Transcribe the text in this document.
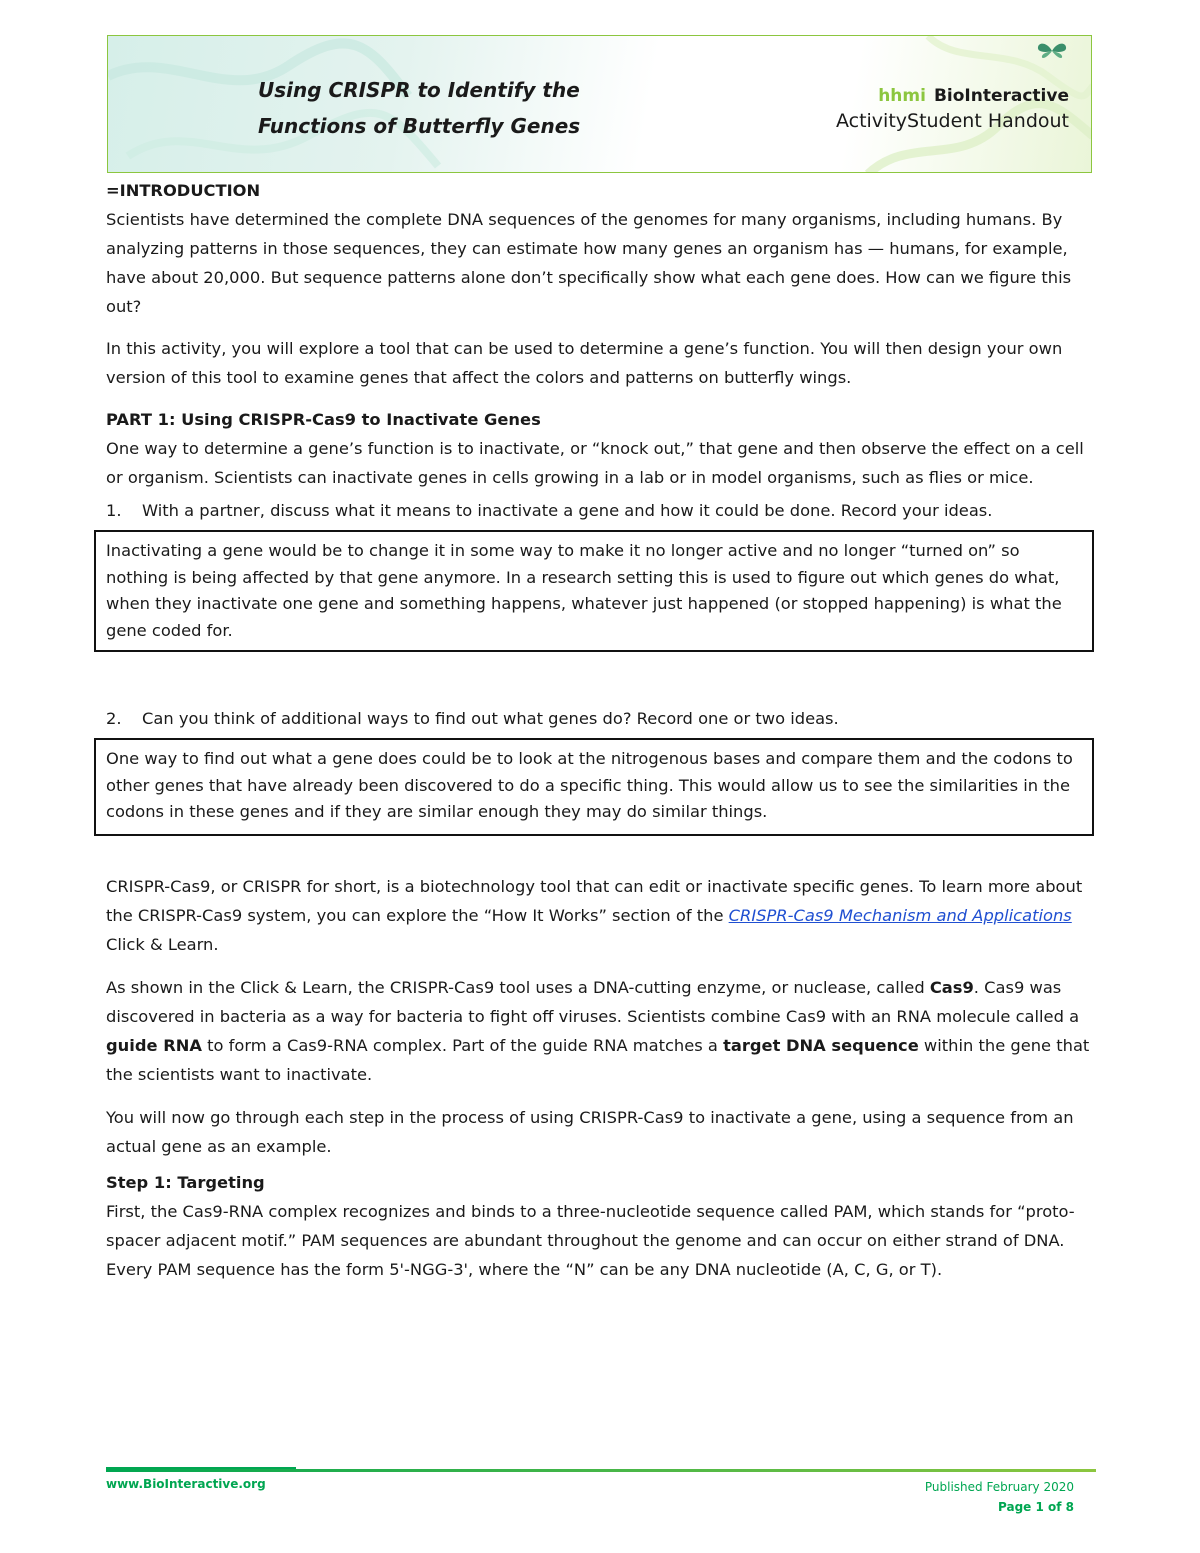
Using CRISPR to Identify the
Functions of Butterfly Genes
hhmi BioInteractive
ActivityStudent Handout

=INTRODUCTION

Scientists have determined the complete DNA sequences of the genomes for many organisms, including humans. By analyzing patterns in those sequences, they can estimate how many genes an organism has — humans, for example, have about 20,000. But sequence patterns alone don’t specifically show what each gene does. How can we figure this out?

In this activity, you will explore a tool that can be used to determine a gene’s function. You will then design your own version of this tool to examine genes that affect the colors and patterns on butterfly wings.

PART 1: Using CRISPR-Cas9 to Inactivate Genes

One way to determine a gene’s function is to inactivate, or “knock out,” that gene and then observe the effect on a cell or organism. Scientists can inactivate genes in cells growing in a lab or in model organisms, such as flies or mice.

1. With a partner, discuss what it means to inactivate a gene and how it could be done. Record your ideas.

Inactivating a gene would be to change it in some way to make it no longer active and no longer “turned on” so nothing is being affected by that gene anymore. In a research setting this is used to figure out which genes do what, when they inactivate one gene and something happens, whatever just happened (or stopped happening) is what the gene coded for.

2. Can you think of additional ways to find out what genes do? Record one or two ideas.

One way to find out what a gene does could be to look at the nitrogenous bases and compare them and the codons to other genes that have already been discovered to do a specific thing. This would allow us to see the similarities in the codons in these genes and if they are similar enough they may do similar things.

CRISPR-Cas9, or CRISPR for short, is a biotechnology tool that can edit or inactivate specific genes. To learn more about the CRISPR-Cas9 system, you can explore the “How It Works” section of the CRISPR-Cas9 Mechanism and Applications Click & Learn.

As shown in the Click & Learn, the CRISPR-Cas9 tool uses a DNA-cutting enzyme, or nuclease, called Cas9. Cas9 was discovered in bacteria as a way for bacteria to fight off viruses. Scientists combine Cas9 with an RNA molecule called a guide RNA to form a Cas9-RNA complex. Part of the guide RNA matches a target DNA sequence within the gene that the scientists want to inactivate.

You will now go through each step in the process of using CRISPR-Cas9 to inactivate a gene, using a sequence from an actual gene as an example.

Step 1: Targeting

First, the Cas9-RNA complex recognizes and binds to a three-nucleotide sequence called PAM, which stands for “proto-spacer adjacent motif.” PAM sequences are abundant throughout the genome and can occur on either strand of DNA. Every PAM sequence has the form 5'-NGG-3', where the “N” can be any DNA nucleotide (A, C, G, or T).

www.BioInteractive.org	Published February 2020
Page 1 of 8
